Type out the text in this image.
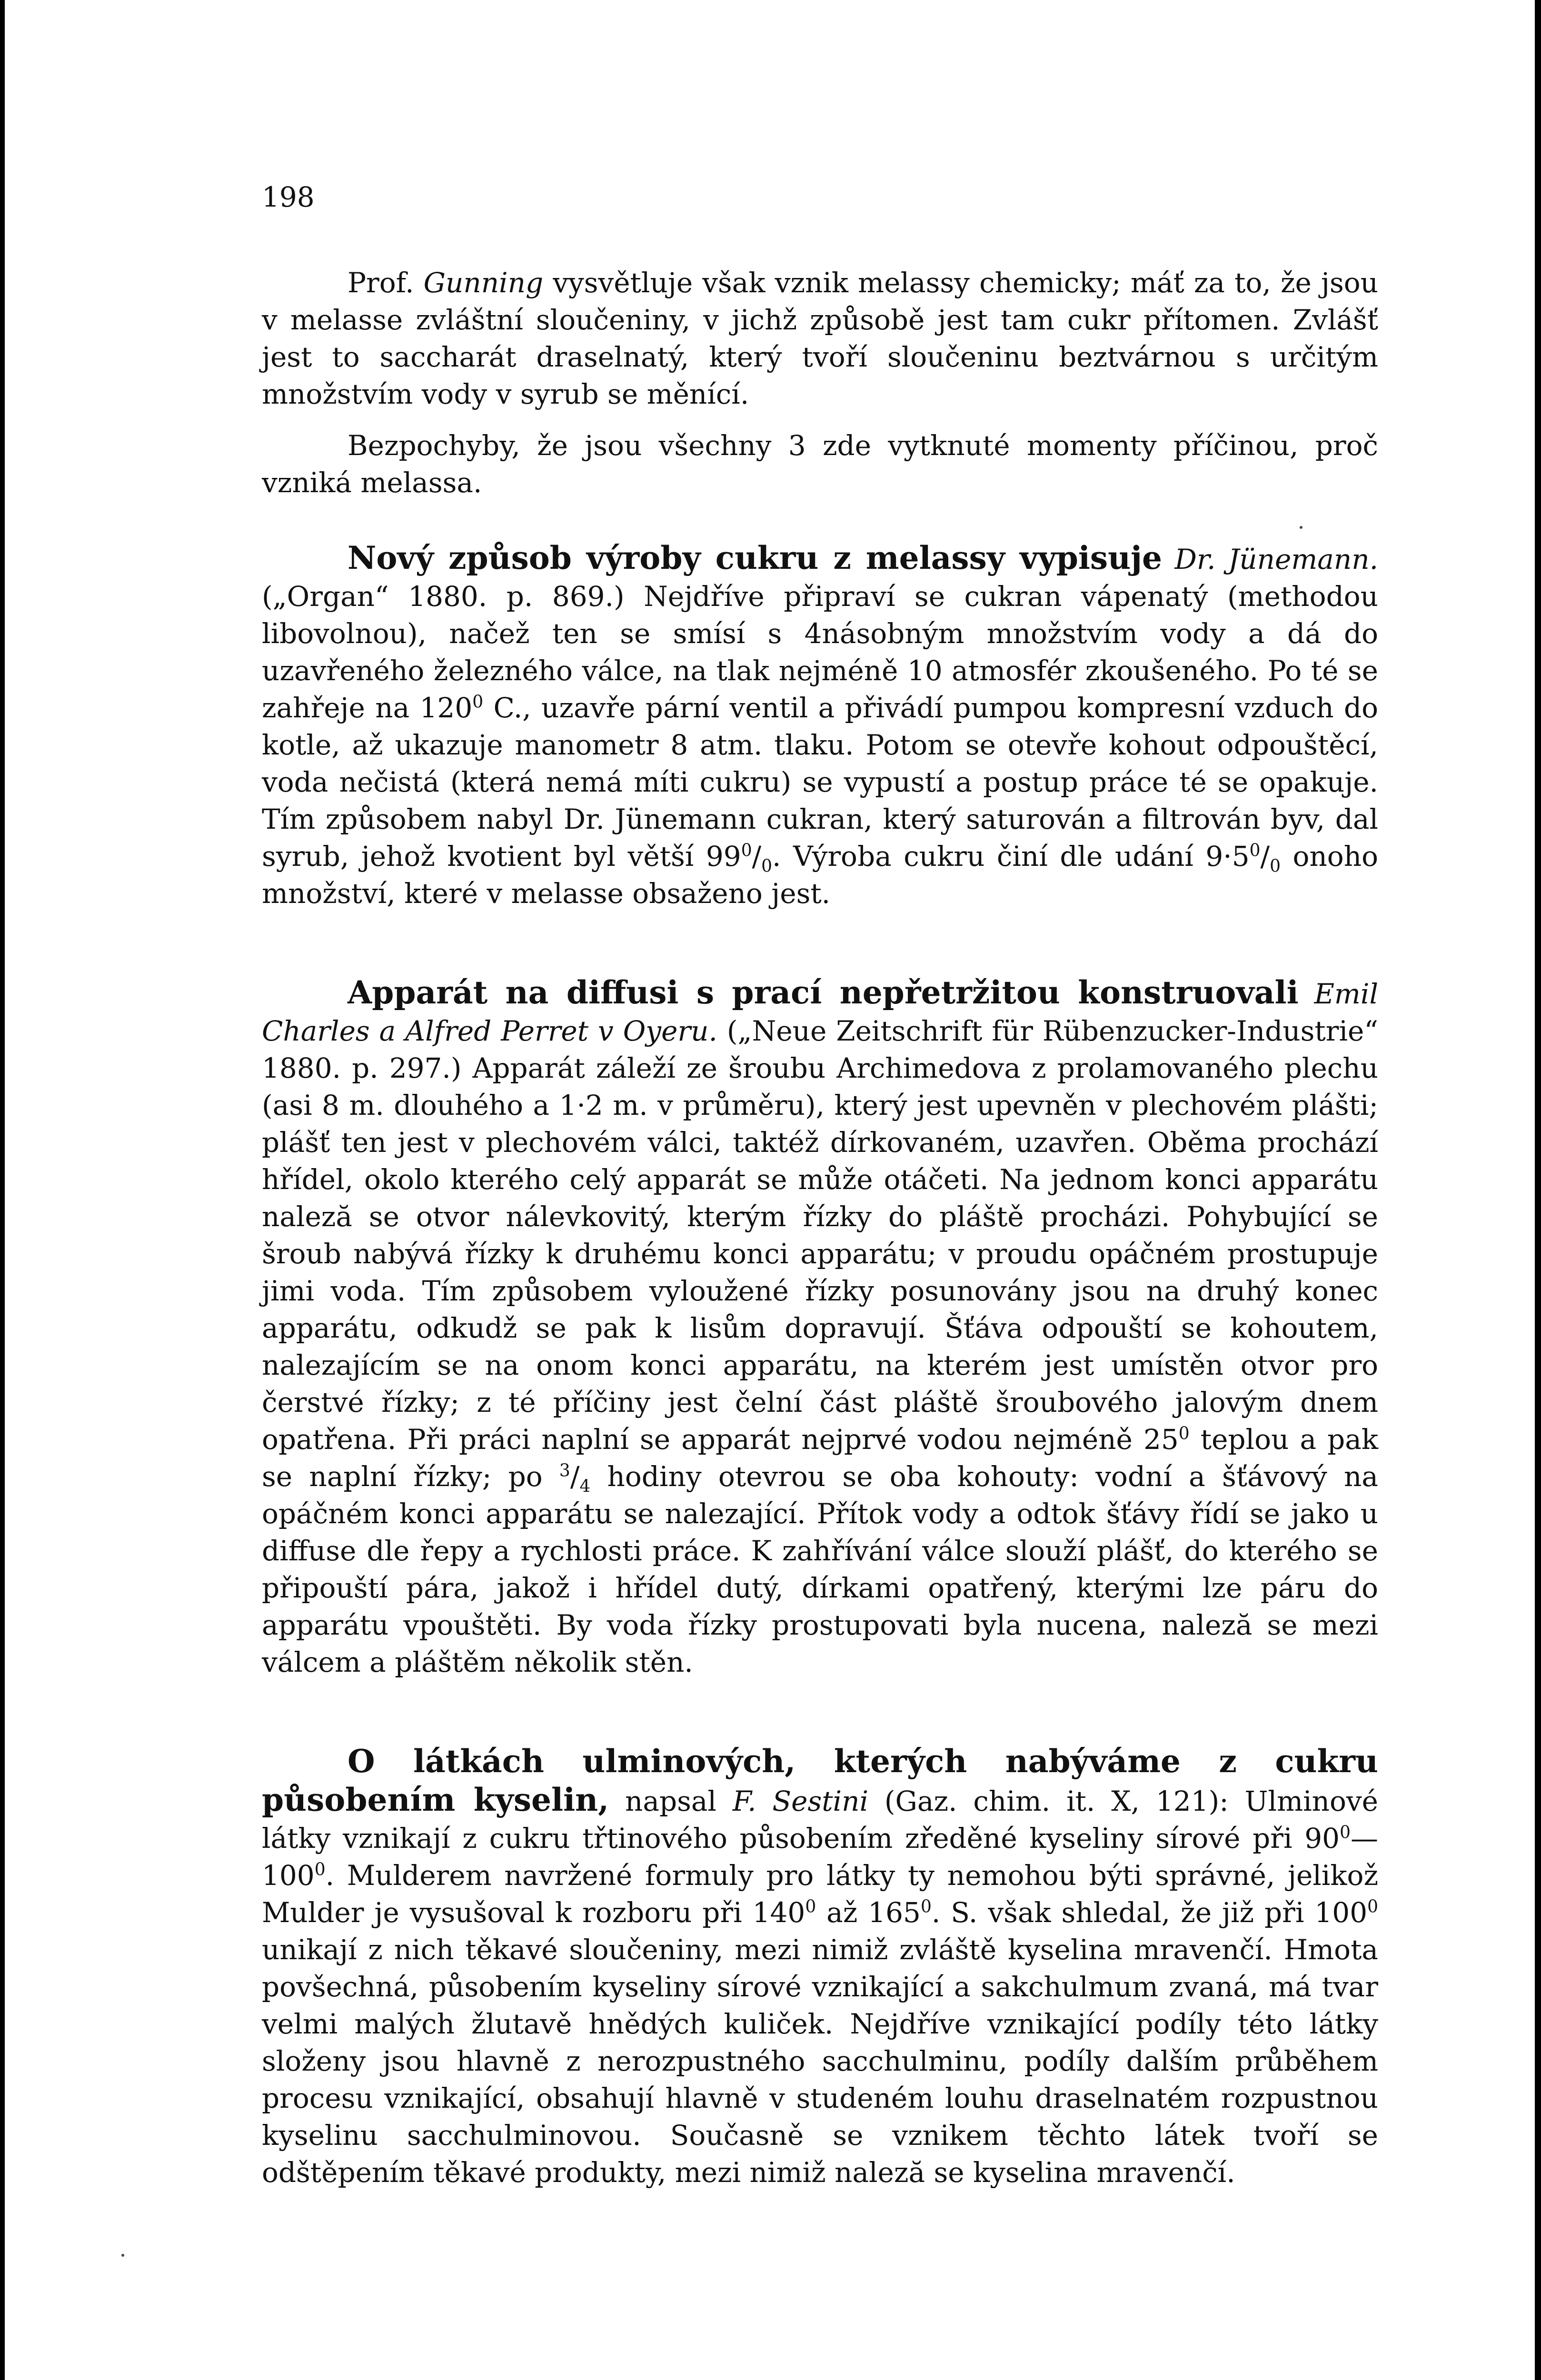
198

Prof. Gunning vysvětluje však vznik melassy chemicky; máť za to, že jsou v melasse zvláštní sloučeniny, v jichž způsobě jest tam cukr přítomen. Zvlášť jest to saccharát draselnatý, který tvoří sloučeninu beztvárnou s určitým množstvím vody v syrub se měnící.

Bezpochyby, že jsou všechny 3 zde vytknuté momenty příčinou, proč vzniká melassa.

Nový způsob výroby cukru z melassy vypisuje Dr. Jünemann. („Organ“ 1880. p. 869.) Nejdříve připraví se cukran vápenatý (methodou libovolnou), načež ten se smísí s 4násobným množstvím vody a dá do uzavřeného železného válce, na tlak nejméně 10 atmosfér zkoušeného. Po té se zahřeje na $120^0$ C., uzavře pární ventil a přivádí pumpou kompresní vzduch do kotle, až ukazuje manometr 8 atm. tlaku. Potom se otevře kohout odpouštěcí, voda nečistá (která nemá míti cukru) se vypustí a postup práce té se opakuje. Tím způsobem nabyl Dr. Jünemann cukran, který saturován a filtrován byv, dal syrub, jehož kvotient byl větší $99^0/_0$. Výroba cukru činí dle udání $9\cdot 5^0/_0$ onoho množství, které v melasse obsaženo jest.

Apparát na diffusi s prací nepřetržitou konstruovali Emil Charles a Alfred Perret v Oyeru. („Neue Zeitschrift für Rübenzucker-Industrie“ 1880. p. 297.) Apparát záleží ze šroubu Archimedova z prolamovaného plechu (asi 8 m. dlouhého a 1·2 m. v průměru), který jest upevněn v plechovém plášti; plášť ten jest v plechovém válci, taktéž dírkovaném, uzavřen. Oběma prochází hřídel, okolo kterého celý apparát se může otáčeti. Na jednom konci apparátu naleză se otvor nálevkovitý, kterým řízky do pláště procházi. Pohybující se šroub nabývá řízky k druhému konci apparátu; v proudu opáčném prostupuje jimi voda. Tím způsobem vyloužené řízky posunovány jsou na druhý konec apparátu, odkudž se pak k lisům dopravují. Šťáva odpouští se kohoutem, nalezajícím se na onom konci apparátu, na kterém jest umístěn otvor pro čerstvé řízky; z té příčiny jest čelní část pláště šroubového jalovým dnem opatřena. Při práci naplní se apparát nejprvé vodou nejméně $25^0$ teplou a pak se naplní řízky; po $^3/_4$ hodiny otevrou se oba kohouty: vodní a šťávový na opáčném konci apparátu se nalezající. Přítok vody a odtok šťávy řídí se jako u diffuse dle řepy a rychlosti práce. K zahřívání válce slouží plášť, do kterého se připouští pára, jakož i hřídel dutý, dírkami opatřený, kterými lze páru do apparátu vpouštěti. By voda řízky prostupovati byla nucena, naleză se mezi válcem a pláštěm několik stěn.

O látkách ulminových, kterých nabýváme z cukru působením kyselin, napsal F. Sestini (Gaz. chim. it. X, 121): Ulminové látky vznikají z cukru třtinového působením zředěné kyseliny sírové při $90^0—100^0$. Mulderem navržené formuly pro látky ty nemohou býti správné, jelikož Mulder je vysušoval k rozboru při $140^0$ až $165^0$. S. však shledal, že již při $100^0$ unikají z nich těkavé sloučeniny, mezi nimiž zvláště kyselina mravenčí. Hmota povšechná, působením kyseliny sírové vznikající a sakchulmum zvaná, má tvar velmi malých žlutavě hnědých kuliček. Nejdříve vznikající podíly této látky složeny jsou hlavně z nerozpustného sacchulminu, podíly dalším průběhem procesu vznikající, obsahují hlavně v studeném louhu draselnatém rozpustnou kyselinu sacchulminovou. Současně se vznikem těchto látek tvoří se odštěpením těkavé produkty, mezi nimiž naleză se kyselina mravenčí.
